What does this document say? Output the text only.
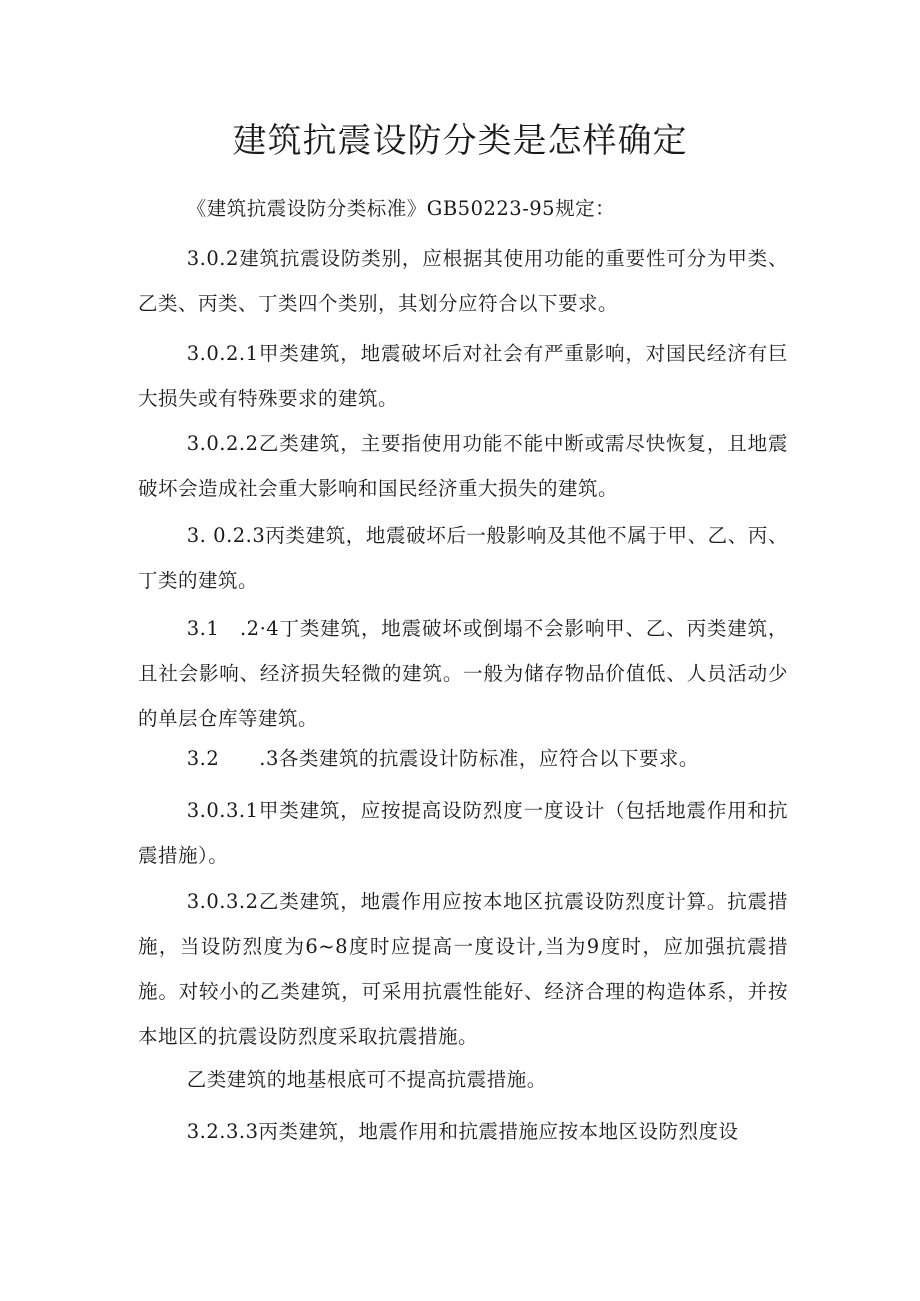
建筑抗震设防分类是怎样确定

《建筑抗震设防分类标准》GB50223-95规定：

3.0.2建筑抗震设防类别，应根据其使用功能的重要性可分为甲类、乙类、丙类、丁类四个类别，其划分应符合以下要求。

3.0.2.1甲类建筑，地震破坏后对社会有严重影响，对国民经济有巨大损失或有特殊要求的建筑。

3.0.2.2乙类建筑，主要指使用功能不能中断或需尽快恢复，且地震破坏会造成社会重大影响和国民经济重大损失的建筑。

3. 0.2.3丙类建筑，地震破坏后一般影响及其他不属于甲、乙、丙、丁类的建筑。

3.1　.2·4丁类建筑，地震破坏或倒塌不会影响甲、乙、丙类建筑，且社会影响、经济损失轻微的建筑。一般为储存物品价值低、人员活动少的单层仓库等建筑。

3.2　　.3各类建筑的抗震设计防标准，应符合以下要求。

3.0.3.1甲类建筑，应按提高设防烈度一度设计（包括地震作用和抗震措施）。

3.0.3.2乙类建筑，地震作用应按本地区抗震设防烈度计算。抗震措施，当设防烈度为6~8度时应提高一度设计,当为9度时，应加强抗震措施。对较小的乙类建筑，可采用抗震性能好、经济合理的构造体系，并按本地区的抗震设防烈度采取抗震措施。

乙类建筑的地基根底可不提高抗震措施。

3.2.3.3丙类建筑，地震作用和抗震措施应按本地区设防烈度设
